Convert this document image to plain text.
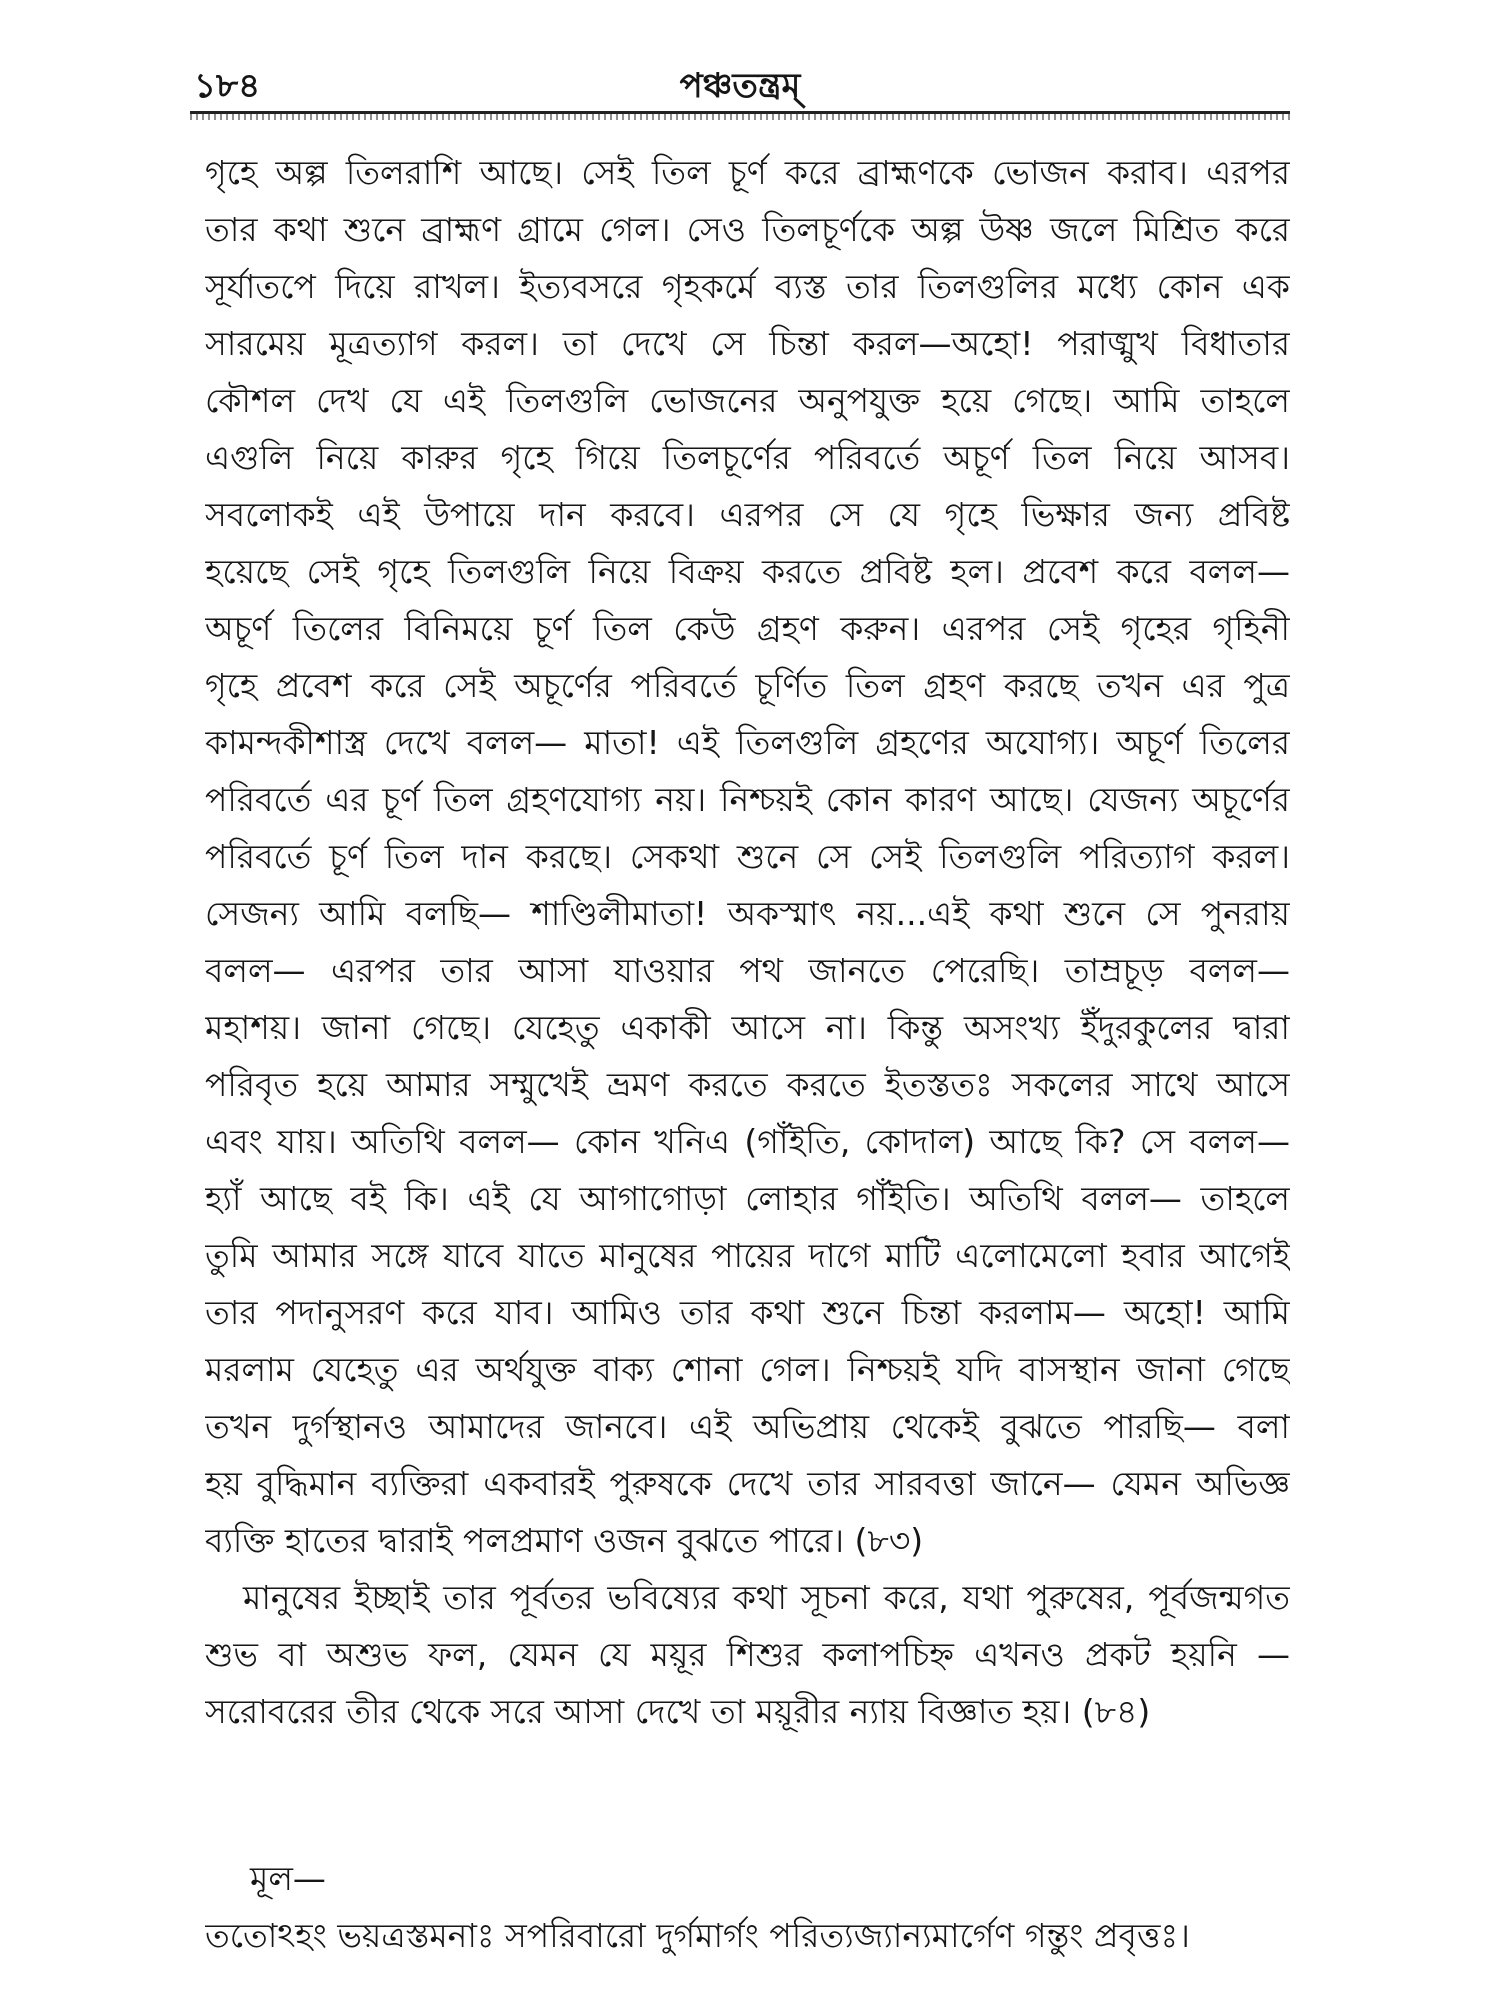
১৮৪	পঞ্চতন্ত্রম্
গৃহে অল্প তিলরাশি আছে। সেই তিল চূর্ণ করে ব্রাহ্মণকে ভোজন করাব। এরপর
তার কথা শুনে ব্রাহ্মণ গ্রামে গেল। সেও তিলচূর্ণকে অল্প উষ্ণ জলে মিশ্রিত করে
সূর্যাতপে দিয়ে রাখল। ইত্যবসরে গৃহকর্মে ব্যস্ত তার তিলগুলির মধ্যে কোন এক
সারমেয় মূত্রত্যাগ করল। তা দেখে সে চিন্তা করল—অহো! পরাঙ্মুখ বিধাতার
কৌশল দেখ যে এই তিলগুলি ভোজনের অনুপযুক্ত হয়ে গেছে। আমি তাহলে
এগুলি নিয়ে কারুর গৃহে গিয়ে তিলচূর্ণের পরিবর্তে অচূর্ণ তিল নিয়ে আসব।
সবলোকই এই উপায়ে দান করবে। এরপর সে যে গৃহে ভিক্ষার জন্য প্রবিষ্ট
হয়েছে সেই গৃহে তিলগুলি নিয়ে বিক্রয় করতে প্রবিষ্ট হল। প্রবেশ করে বলল—
অচূর্ণ তিলের বিনিময়ে চূর্ণ তিল কেউ গ্রহণ করুন। এরপর সেই গৃহের গৃহিনী
গৃহে প্রবেশ করে সেই অচূর্ণের পরিবর্তে চূর্ণিত তিল গ্রহণ করছে তখন এর পুত্র
কামন্দকীশাস্ত্র দেখে বলল— মাতা! এই তিলগুলি গ্রহণের অযোগ্য। অচূর্ণ তিলের
পরিবর্তে এর চূর্ণ তিল গ্রহণযোগ্য নয়। নিশ্চয়ই কোন কারণ আছে। যেজন্য অচূর্ণের
পরিবর্তে চূর্ণ তিল দান করছে। সেকথা শুনে সে সেই তিলগুলি পরিত্যাগ করল।
সেজন্য আমি বলছি— শাণ্ডিলীমাতা! অকস্মাৎ নয়...এই কথা শুনে সে পুনরায়
বলল— এরপর তার আসা যাওয়ার পথ জানতে পেরেছি। তাম্রচূড় বলল—
মহাশয়। জানা গেছে। যেহেতু একাকী আসে না। কিন্তু অসংখ্য ইঁদুরকুলের দ্বারা
পরিবৃত হয়ে আমার সম্মুখেই ভ্রমণ করতে করতে ইতস্ততঃ সকলের সাথে আসে
এবং যায়। অতিথি বলল— কোন খনিএ (গাঁইতি, কোদাল) আছে কি? সে বলল—
হ্যাঁ আছে বই কি। এই যে আগাগোড়া লোহার গাঁইতি। অতিথি বলল— তাহলে
তুমি আমার সঙ্গে যাবে যাতে মানুষের পায়ের দাগে মাটি এলোমেলো হবার আগেই
তার পদানুসরণ করে যাব। আমিও তার কথা শুনে চিন্তা করলাম— অহো! আমি
মরলাম যেহেতু এর অর্থযুক্ত বাক্য শোনা গেল। নিশ্চয়ই যদি বাসস্থান জানা গেছে
তখন দুর্গস্থানও আমাদের জানবে। এই অভিপ্রায় থেকেই বুঝতে পারছি— বলা
হয় বুদ্ধিমান ব্যক্তিরা একবারই পুরুষকে দেখে তার সারবত্তা জানে— যেমন অভিজ্ঞ
ব্যক্তি হাতের দ্বারাই পলপ্রমাণ ওজন বুঝতে পারে। (৮৩)
মানুষের ইচ্ছাই তার পূর্বতর ভবিষ্যের কথা সূচনা করে, যথা পুরুষের, পূর্বজন্মগত
শুভ বা অশুভ ফল, যেমন যে ময়ূর শিশুর কলাপচিহ্ন এখনও প্রকট হয়নি —
সরোবরের তীর থেকে সরে আসা দেখে তা ময়ূরীর ন্যায় বিজ্ঞাত হয়। (৮৪)
মূল—
ততোঽহং ভয়ত্রস্তমনাঃ সপরিবারো দুর্গমার্গং পরিত্যজ্যান্যমার্গেণ গন্তুং প্রবৃত্তঃ।
